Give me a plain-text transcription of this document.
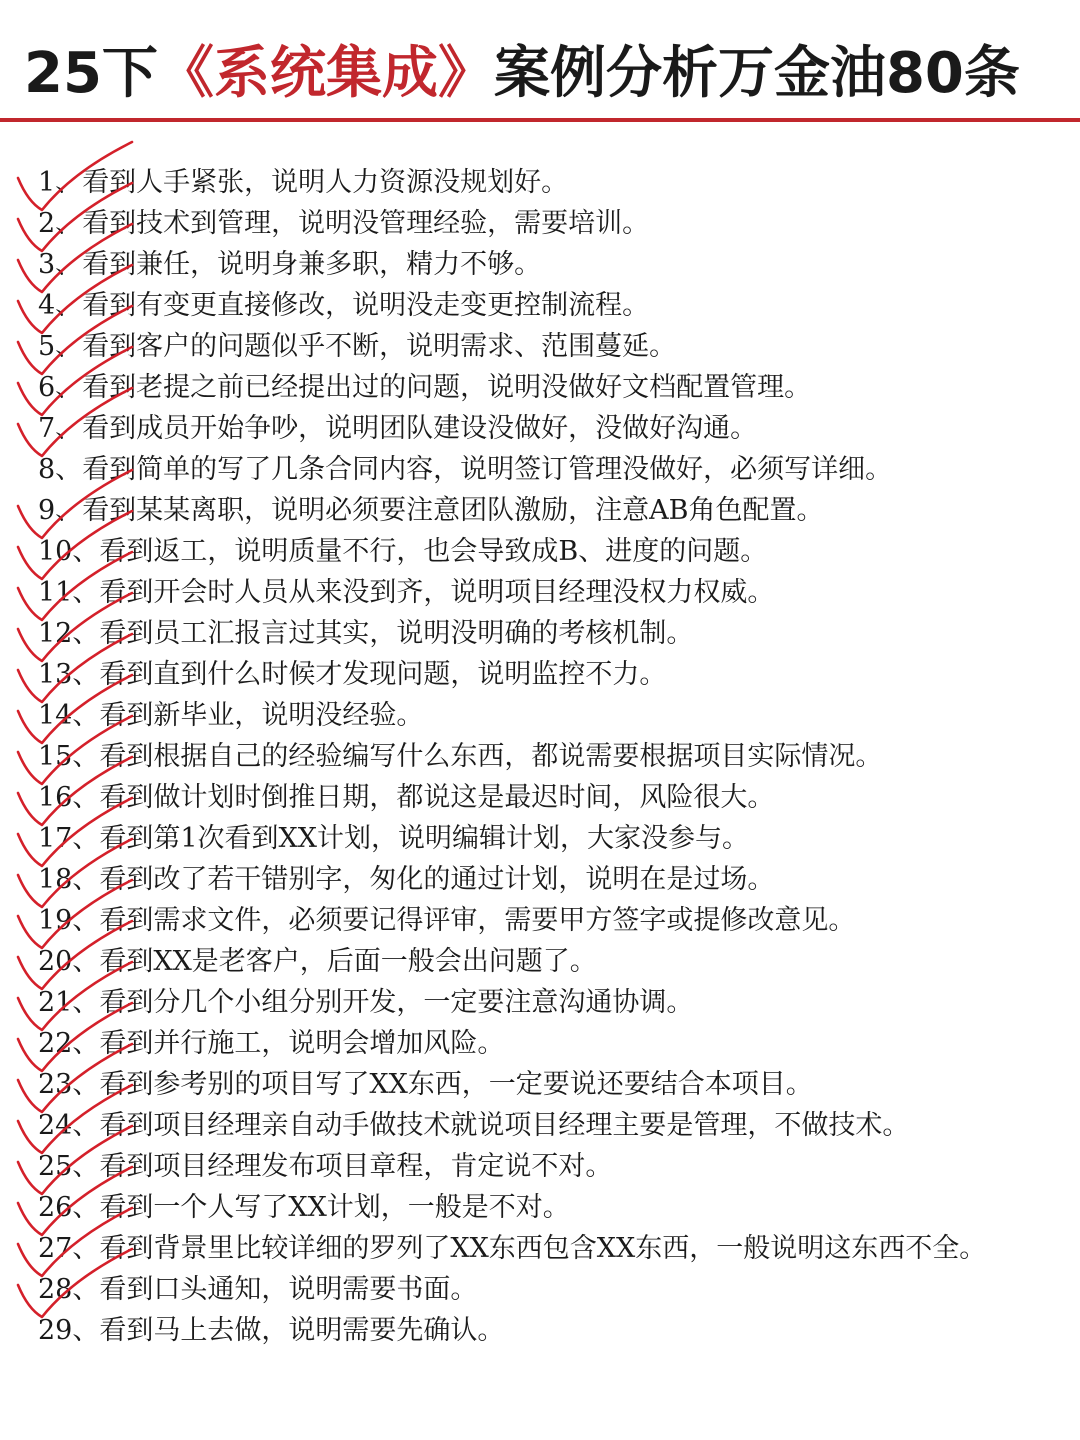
25下《系统集成》案例分析万金油80条
1、看到人手紧张，说明人力资源没规划好。
2、看到技术到管理，说明没管理经验，需要培训。
3、看到兼任，说明身兼多职，精力不够。
4、看到有变更直接修改，说明没走变更控制流程。
5、看到客户的问题似乎不断，说明需求、范围蔓延。
6、看到老提之前已经提出过的问题，说明没做好文档配置管理。
7、看到成员开始争吵，说明团队建设没做好，没做好沟通。
8、看到简单的写了几条合同内容，说明签订管理没做好，必须写详细。
9、看到某某离职，说明必须要注意团队激励，注意AB角色配置。
10、看到返工，说明质量不行，也会导致成B、进度的问题。
11、看到开会时人员从来没到齐，说明项目经理没权力权威。
12、看到员工汇报言过其实，说明没明确的考核机制。
13、看到直到什么时候才发现问题，说明监控不力。
14、看到新毕业，说明没经验。
15、看到根据自己的经验编写什么东西，都说需要根据项目实际情况。
16、看到做计划时倒推日期，都说这是最迟时间，风险很大。
17、看到第1次看到XX计划，说明编辑计划，大家没参与。
18、看到改了若干错别字，匆化的通过计划，说明在是过场。
19、看到需求文件，必须要记得评审，需要甲方签字或提修改意见。
20、看到XX是老客户，后面一般会出问题了。
21、看到分几个小组分别开发，一定要注意沟通协调。
22、看到并行施工，说明会增加风险。
23、看到参考别的项目写了XX东西，一定要说还要结合本项目。
24、看到项目经理亲自动手做技术就说项目经理主要是管理，不做技术。
25、看到项目经理发布项目章程，肯定说不对。
26、看到一个人写了XX计划，一般是不对。
27、看到背景里比较详细的罗列了XX东西包含XX东西，一般说明这东西不全。
28、看到口头通知，说明需要书面。
29、看到马上去做，说明需要先确认。
